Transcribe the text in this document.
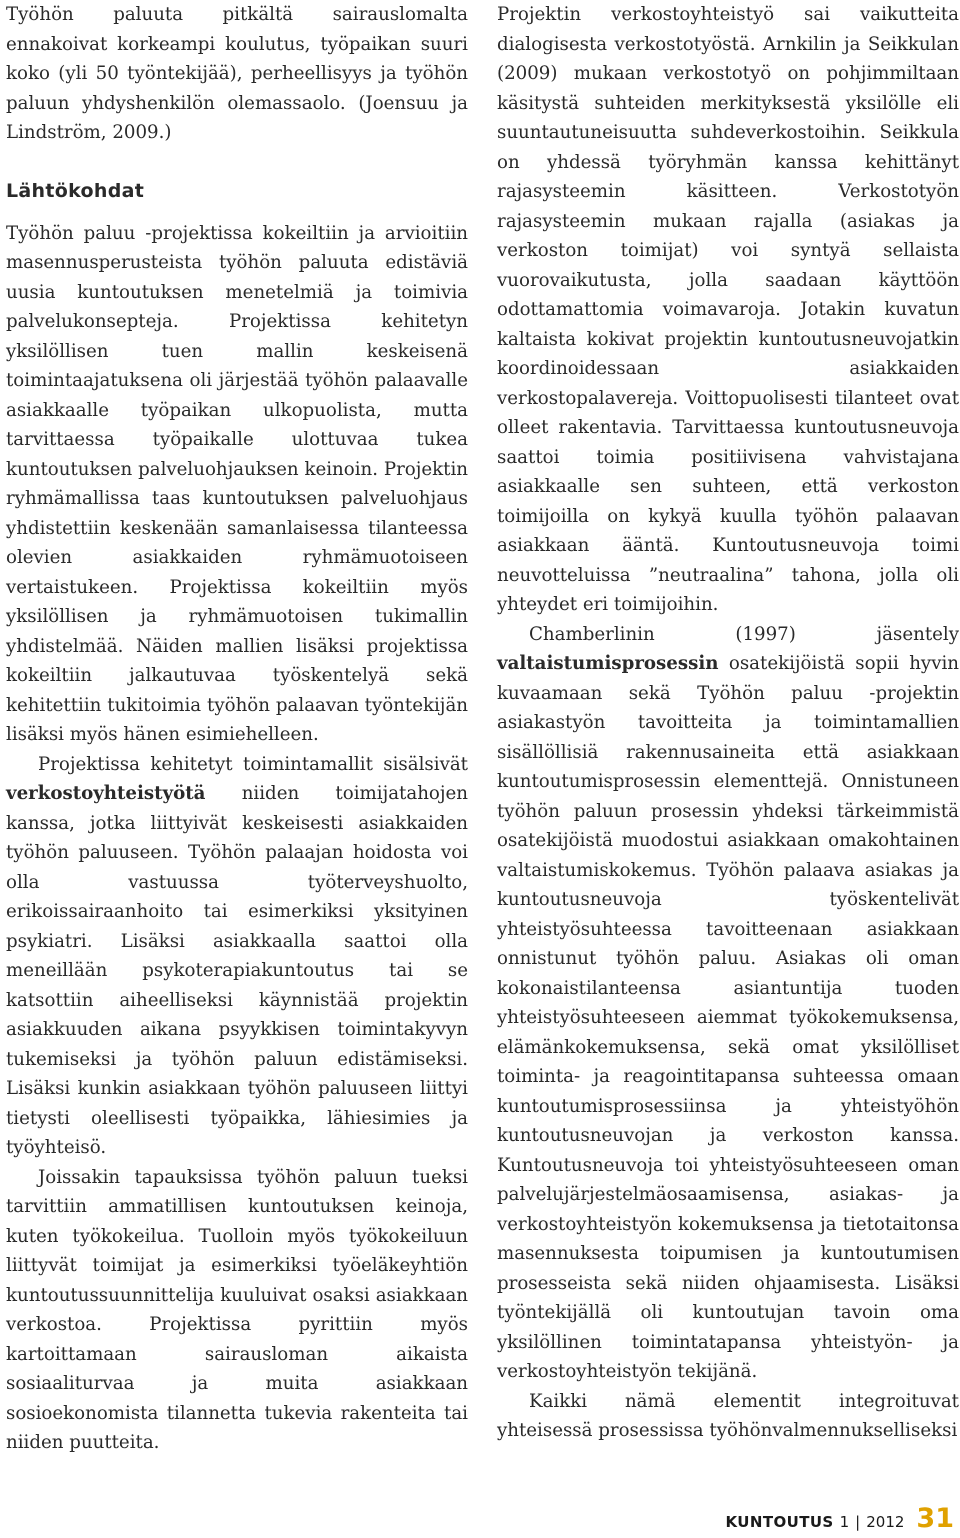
Työhön paluuta pitkältä sairauslomalta ennakoivat korkeampi koulutus, työpaikan suuri koko (yli 50 työntekijää), perheellisyys ja työhön paluun yhdyshenkilön olemassaolo. (Joensuu ja Lindström, 2009.)

Lähtökohdat

Työhön paluu -projektissa kokeiltiin ja arvioitiin masennusperusteista työhön paluuta edistäviä uusia kuntoutuksen menetelmiä ja toimivia palvelukonsepteja. Projektissa kehitetyn yksilöllisen tuen mallin keskeisenä toimintaajatuksena oli järjestää työhön palaavalle asiakkaalle työpaikan ulkopuolista, mutta tarvittaessa työpaikalle ulottuvaa tukea kuntoutuksen palveluohjauksen keinoin. Projektin ryhmämallissa taas kuntoutuksen palveluohjaus yhdistettiin keskenään samanlaisessa tilanteessa olevien asiakkaiden ryhmämuotoiseen vertaistukeen. Projektissa kokeiltiin myös yksilöllisen ja ryhmämuotoisen tukimallin yhdistelmää. Näiden mallien lisäksi projektissa kokeiltiin jalkautuvaa työskentelyä sekä kehitettiin tukitoimia työhön palaavan työntekijän lisäksi myös hänen esimiehelleen.

Projektissa kehitetyt toimintamallit sisälsivät verkostoyhteistyötä niiden toimijatahojen kanssa, jotka liittyivät keskeisesti asiakkaiden työhön paluuseen. Työhön palaajan hoidosta voi olla vastuussa työterveyshuolto, erikoissairaanhoito tai esimerkiksi yksityinen psykiatri. Lisäksi asiakkaalla saattoi olla meneillään psykoterapiakuntoutus tai se katsottiin aiheelliseksi käynnistää projektin asiakkuuden aikana psyykkisen toimintakyvyn tukemiseksi ja työhön paluun edistämiseksi. Lisäksi kunkin asiakkaan työhön paluuseen liittyi tietysti oleellisesti työpaikka, lähiesimies ja työyhteisö.

Joissakin tapauksissa työhön paluun tueksi tarvittiin ammatillisen kuntoutuksen keinoja, kuten työkokeilua. Tuolloin myös työkokeiluun liittyvät toimijat ja esimerkiksi työeläkeyhtiön kuntoutussuunnittelija kuuluivat osaksi asiakkaan verkostoa. Projektissa pyrittiin myös kartoittamaan sairausloman aikaista sosiaaliturvaa ja muita asiakkaan sosioekonomista tilannetta tukevia rakenteita tai niiden puutteita.

Projektin verkostoyhteistyö sai vaikutteita dialogisesta verkostotyöstä. Arnkilin ja Seikkulan (2009) mukaan verkostotyö on pohjimmiltaan käsitystä suhteiden merkityksestä yksilölle eli suuntautuneisuutta suhdeverkostoihin. Seikkula on yhdessä työryhmän kanssa kehittänyt rajasysteemin käsitteen. Verkostotyön rajasysteemin mukaan rajalla (asiakas ja verkoston toimijat) voi syntyä sellaista vuorovaikutusta, jolla saadaan käyttöön odottamattomia voimavaroja. Jotakin kuvatun kaltaista kokivat projektin kuntoutusneuvojatkin koordinoidessaan asiakkaiden verkostopalavereja. Voittopuolisesti tilanteet ovat olleet rakentavia. Tarvittaessa kuntoutusneuvoja saattoi toimia positiivisena vahvistajana asiakkaalle sen suhteen, että verkoston toimijoilla on kykyä kuulla työhön palaavan asiakkaan ääntä. Kuntoutusneuvoja toimi neuvotteluissa ”neutraalina” tahona, jolla oli yhteydet eri toimijoihin.

Chamberlinin (1997) jäsentely valtaistumisprosessin osatekijöistä sopii hyvin kuvaamaan sekä Työhön paluu -projektin asiakastyön tavoitteita ja toimintamallien sisällöllisiä rakennusaineita että asiakkaan kuntoutumisprosessin elementtejä. Onnistuneen työhön paluun prosessin yhdeksi tärkeimmistä osatekijöistä muodostui asiakkaan omakohtainen valtaistumiskokemus. Työhön palaava asiakas ja kuntoutusneuvoja työskentelivät yhteistyösuhteessa tavoitteenaan asiakkaan onnistunut työhön paluu. Asiakas oli oman kokonaistilanteensa asiantuntija tuoden yhteistyösuhteeseen aiemmat työkokemuksensa, elämänkokemuksensa, sekä omat yksilölliset toiminta- ja reagointitapansa suhteessa omaan kuntoutumisprosessiinsa ja yhteistyöhön kuntoutusneuvojan ja verkoston kanssa. Kuntoutusneuvoja toi yhteistyösuhteeseen oman palvelujärjestelmäosaamisensa, asiakas- ja verkostoyhteistyön kokemuksensa ja tietotaitonsa masennuksesta toipumisen ja kuntoutumisen prosesseista sekä niiden ohjaamisesta. Lisäksi työntekijällä oli kuntoutujan tavoin oma yksilöllinen toimintatapansa yhteistyön- ja verkostoyhteistyön tekijänä.

Kaikki nämä elementit integroituvat yhteisessä prosessissa työhönvalmennukselliseksi

KUNTOUTUS 1 | 2012 31
